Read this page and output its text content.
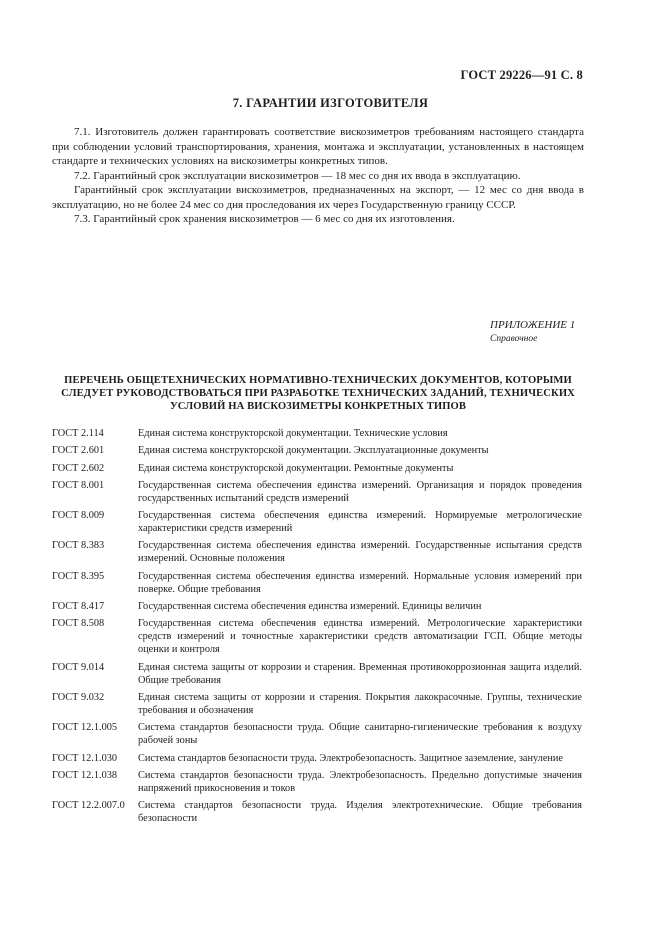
ГОСТ 29226—91 С. 8
7. ГАРАНТИИ ИЗГОТОВИТЕЛЯ

7.1. Изготовитель должен гарантировать соответствие вискозиметров требованиям настоящего стандарта при соблюдении условий транспортирования, хранения, монтажа и эксплуатации, установленных в настоящем стандарте и технических условиях на вискозиметры конкретных типов.

7.2. Гарантийный срок эксплуатации вискозиметров — 18 мес со дня их ввода в эксплуатацию.

Гарантийный срок эксплуатации вискозиметров, предназначенных на экспорт, — 12 мес со дня ввода в эксплуатацию, но не более 24 мес со дня проследования их через Государственную границу СССР.

7.3. Гарантийный срок хранения вискозиметров — 6 мес со дня их изготовления.

ПРИЛОЖЕНИЕ 1
Справочное
ПЕРЕЧЕНЬ ОБЩЕТЕХНИЧЕСКИХ НОРМАТИВНО-ТЕХНИЧЕСКИХ ДОКУМЕНТОВ, КОТОРЫМИ СЛЕДУЕТ РУКОВОДСТВОВАТЬСЯ ПРИ РАЗРАБОТКЕ ТЕХНИЧЕСКИХ ЗАДАНИЙ, ТЕХНИЧЕСКИХ УСЛОВИЙ НА ВИСКОЗИМЕТРЫ КОНКРЕТНЫХ ТИПОВ
ГОСТ 2.114	Единая система конструкторской документации. Технические условия
ГОСТ 2.601	Единая система конструкторской документации. Эксплуатационные документы
ГОСТ 2.602	Единая система конструкторской документации. Ремонтные документы
ГОСТ 8.001	Государственная система обеспечения единства измерений. Организация и порядок проведения государственных испытаний средств измерений
ГОСТ 8.009	Государственная система обеспечения единства измерений. Нормируемые метрологические характеристики средств измерений
ГОСТ 8.383	Государственная система обеспечения единства измерений. Государственные испытания средств измерений. Основные положения
ГОСТ 8.395	Государственная система обеспечения единства измерений. Нормальные условия измерений при поверке. Общие требования
ГОСТ 8.417	Государственная система обеспечения единства измерений. Единицы величин
ГОСТ 8.508	Государственная система обеспечения единства измерений. Метрологические характеристики средств измерений и точностные характеристики средств автоматизации ГСП. Общие методы оценки и контроля
ГОСТ 9.014	Единая система защиты от коррозии и старения. Временная противокоррозионная защита изделий. Общие требования
ГОСТ 9.032	Единая система защиты от коррозии и старения. Покрытия лакокрасочные. Группы, технические требования и обозначения
ГОСТ 12.1.005	Система стандартов безопасности труда. Общие санитарно-гигиенические требования к воздуху рабочей зоны
ГОСТ 12.1.030	Система стандартов безопасности труда. Электробезопасность. Защитное заземление, зануление
ГОСТ 12.1.038	Система стандартов безопасности труда. Электробезопасность. Предельно допустимые значения напряжений прикосновения и токов
ГОСТ 12.2.007.0	Система стандартов безопасности труда. Изделия электротехнические. Общие требования безопасности
